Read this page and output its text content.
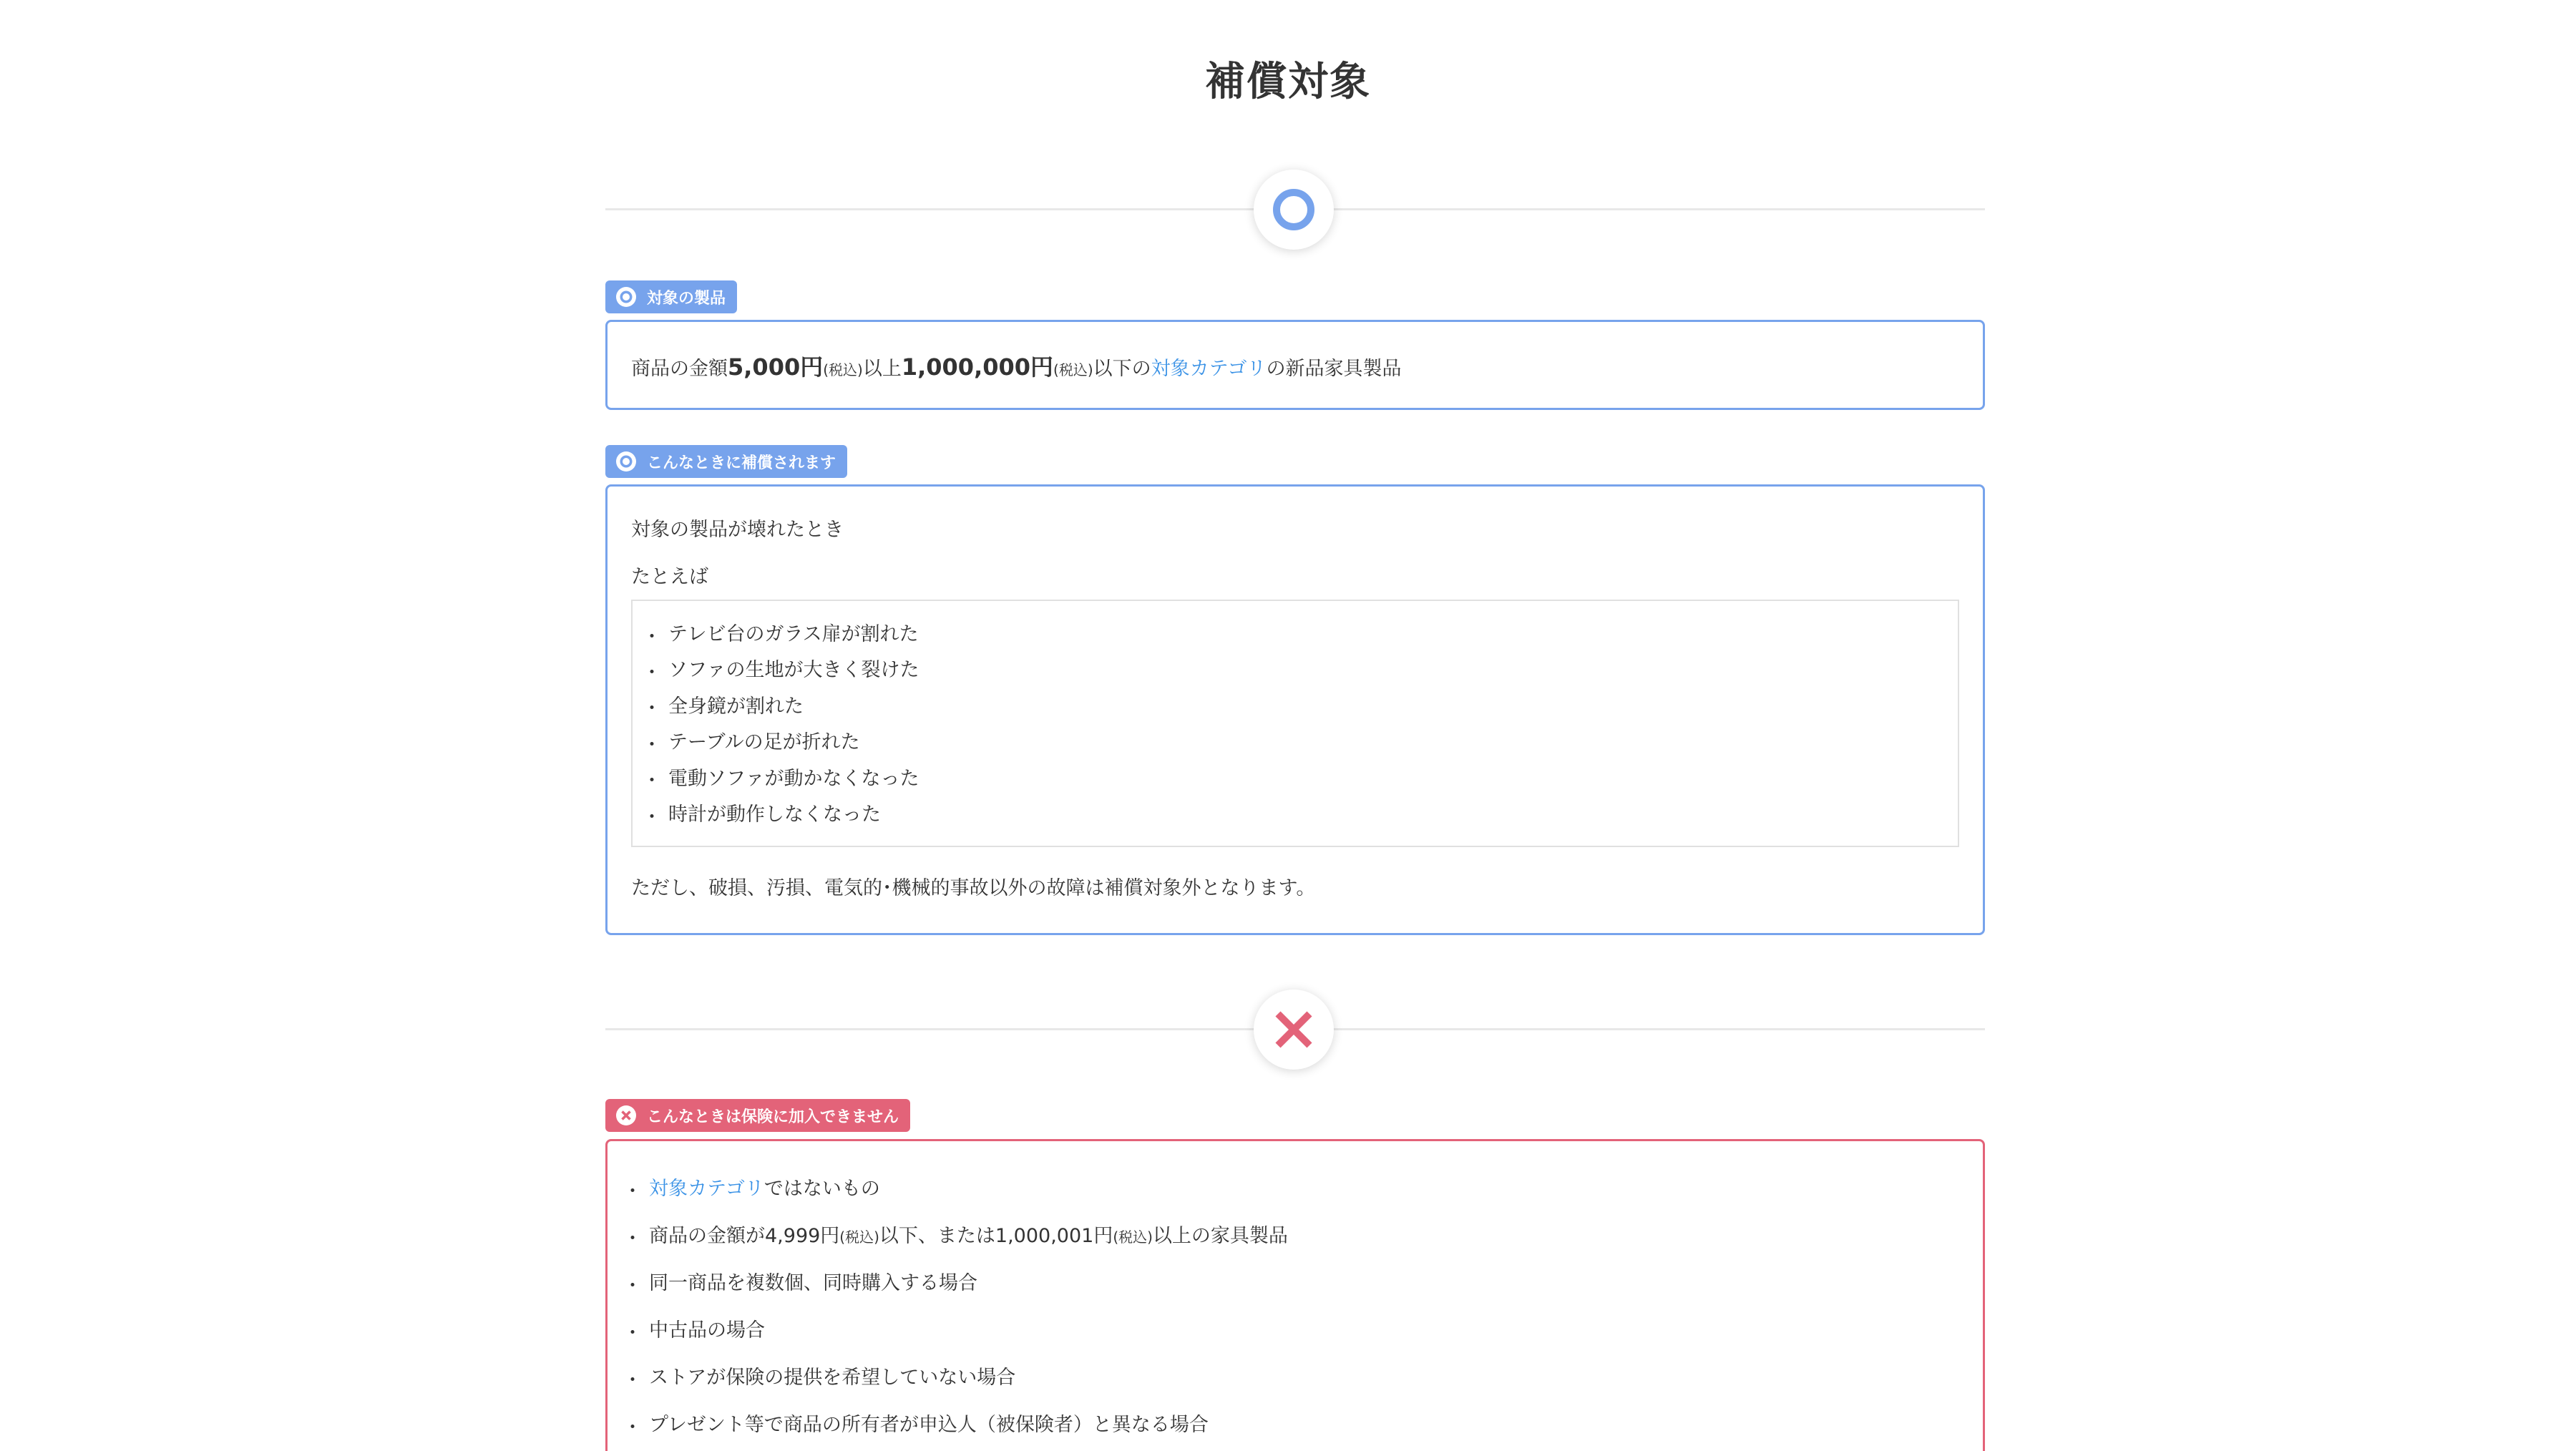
補償対象
対象の製品
商品の金額5,000円(税込)以上1,000,000円(税込)以下の対象カテゴリの新品家具製品
こんなときに補償されます
対象の製品が壊れたとき
たとえば
・ テレビ台のガラス扉が割れた
・ ソファの生地が大きく裂けた
・ 全身鏡が割れた
・ テーブルの足が折れた
・ 電動ソファが動かなくなった
・ 時計が動作しなくなった
ただし、破損、汚損、電気的･機械的事故以外の故障は補償対象外となります。
こんなときは保険に加入できません
・ 対象カテゴリではないもの
・ 商品の金額が4,999円(税込)以下、または1,000,001円(税込)以上の家具製品
・ 同一商品を複数個、同時購入する場合
・ 中古品の場合
・ ストアが保険の提供を希望していない場合
・ プレゼント等で商品の所有者が申込人（被保険者）と異なる場合
